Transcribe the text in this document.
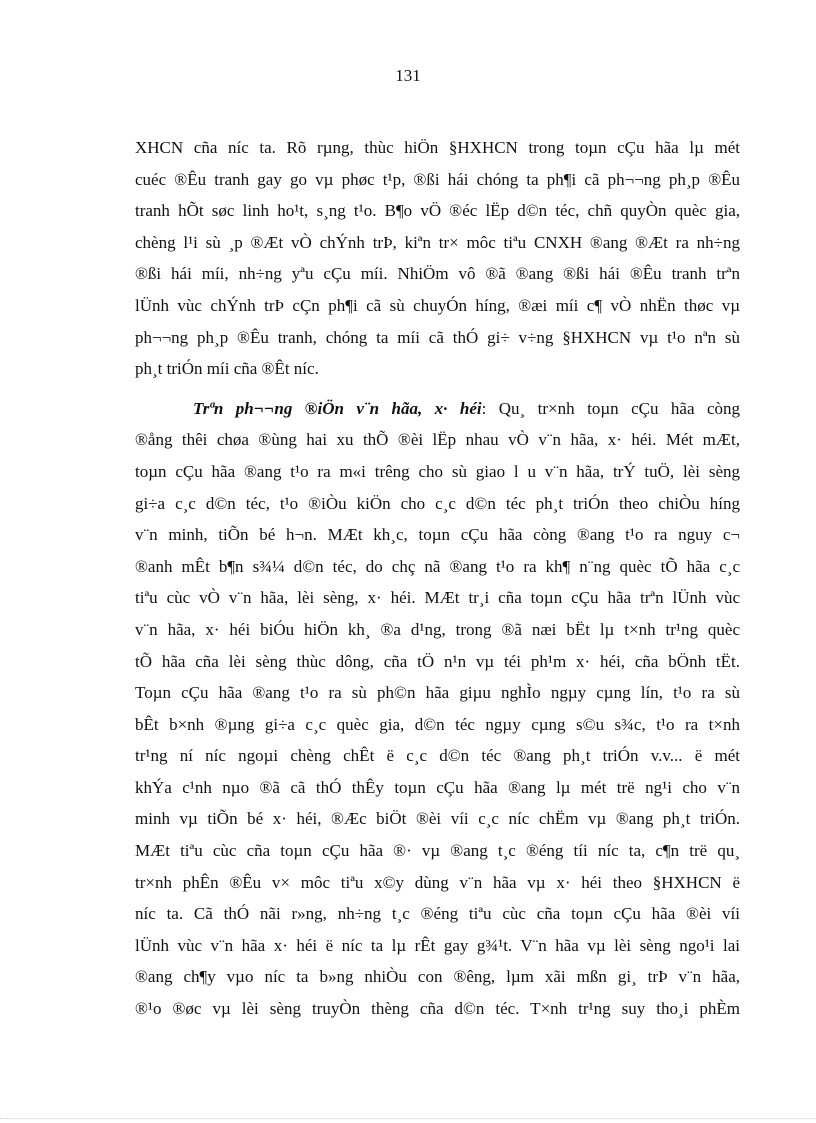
131
XHCN cña níc ta. Rõ rµng, thùc hiÖn §HXHCN trong toµn cÇu hãa lµ mét
cuéc ®Êu tranh gay go vµ phøc t¹p, ®ßi hái chóng ta ph¶i cã ph¬¬ng ph¸p ®Êu
tranh hÕt søc linh ho¹t, s¸ng t¹o. B¶o vÖ ®éc lËp d©n téc, chñ quyÒn quèc gia,
chèng l¹i sù ¸p ®Æt vÒ chÝnh trÞ, kiªn tr× môc tiªu CNXH ®ang ®Æt ra nh÷ng
®ßi hái míi, nh÷ng yªu cÇu míi. NhiÖm vô ®ã ®ang ®ßi hái ®Êu tranh trªn
lÜnh vùc chÝnh trÞ cÇn ph¶i cã sù chuyÓn híng, ®æi míi c¶ vÒ nhËn thøc vµ
ph¬¬ng ph¸p ®Êu tranh, chóng ta míi cã thÓ gi÷ v÷ng §HXHCN vµ t¹o nªn sù
ph¸t triÓn míi cña ®Êt níc.
Trªn ph¬¬ng ®iÖn v¨n hãa, x· héi: Qu¸ tr×nh toµn cÇu hãa còng
®ång thêi chøa ®ùng hai xu thÕ ®èi lËp nhau vÒ v¨n hãa, x· héi. Mét mÆt,
toµn cÇu hãa ®ang t¹o ra m«i trêng cho sù giao l u v¨n hãa, trÝ tuÖ, lèi sèng
gi÷a c¸c d©n téc, t¹o ®iÒu kiÖn cho c¸c d©n téc ph¸t triÓn theo chiÒu híng
v¨n minh, tiÕn bé h¬n. MÆt kh¸c, toµn cÇu hãa còng ®ang t¹o ra nguy c¬
®anh mÊt b¶n s¾¼ d©n téc, do chç nã ®ang t¹o ra kh¶ n¨ng quèc tÕ hãa c¸c
tiªu cùc vÒ v¨n hãa, lèi sèng, x· héi. MÆt tr¸i cña toµn cÇu hãa trªn lÜnh vùc
v¨n hãa, x· héi biÓu hiÖn kh¸ ®a d¹ng, trong ®ã næi bËt lµ t×nh tr¹ng quèc
tÕ hãa cña lèi sèng thùc dông, cña tÖ n¹n vµ téi ph¹m x· héi, cña bÖnh tËt.
Toµn cÇu hãa ®ang t¹o ra sù ph©n hãa giµu nghÌo ngµy cµng lín, t¹o ra sù
bÊt b×nh ®µng gi÷a c¸c quèc gia, d©n téc ngµy cµng s©u s¾c, t¹o ra t×nh
tr¹ng ní níc ngoµi chèng chÊt ë c¸c d©n téc ®ang ph¸t triÓn v.v... ë mét
khÝa c¹nh nµo ®ã cã thÓ thÊy toµn cÇu hãa ®ang lµ mét trë ng¹i cho v¨n
minh vµ tiÕn bé x· héi, ®Æc biÖt ®èi víi c¸c níc chËm vµ ®ang ph¸t triÓn.
MÆt tiªu cùc cña toµn cÇu hãa ®· vµ ®ang t¸c ®éng tíi níc ta, c¶n trë qu¸
tr×nh phÊn ®Êu v× môc tiªu x©y dùng v¨n hãa vµ x· héi theo §HXHCN ë
níc ta. Cã thÓ nãi r»ng, nh÷ng t¸c ®éng tiªu cùc cña toµn cÇu hãa ®èi víi
lÜnh vùc v¨n hãa x· héi ë níc ta lµ rÊt gay g¾¹t. V¨n hãa vµ lèi sèng ngo¹i lai
®ang ch¶y vµo níc ta b»ng nhiÒu con ®êng, lµm xãi mßn gi¸ trÞ v¨n hãa,
®¹o ®øc vµ lèi sèng truyÒn thèng cña d©n téc. T×nh tr¹ng suy tho¸i phÈm
